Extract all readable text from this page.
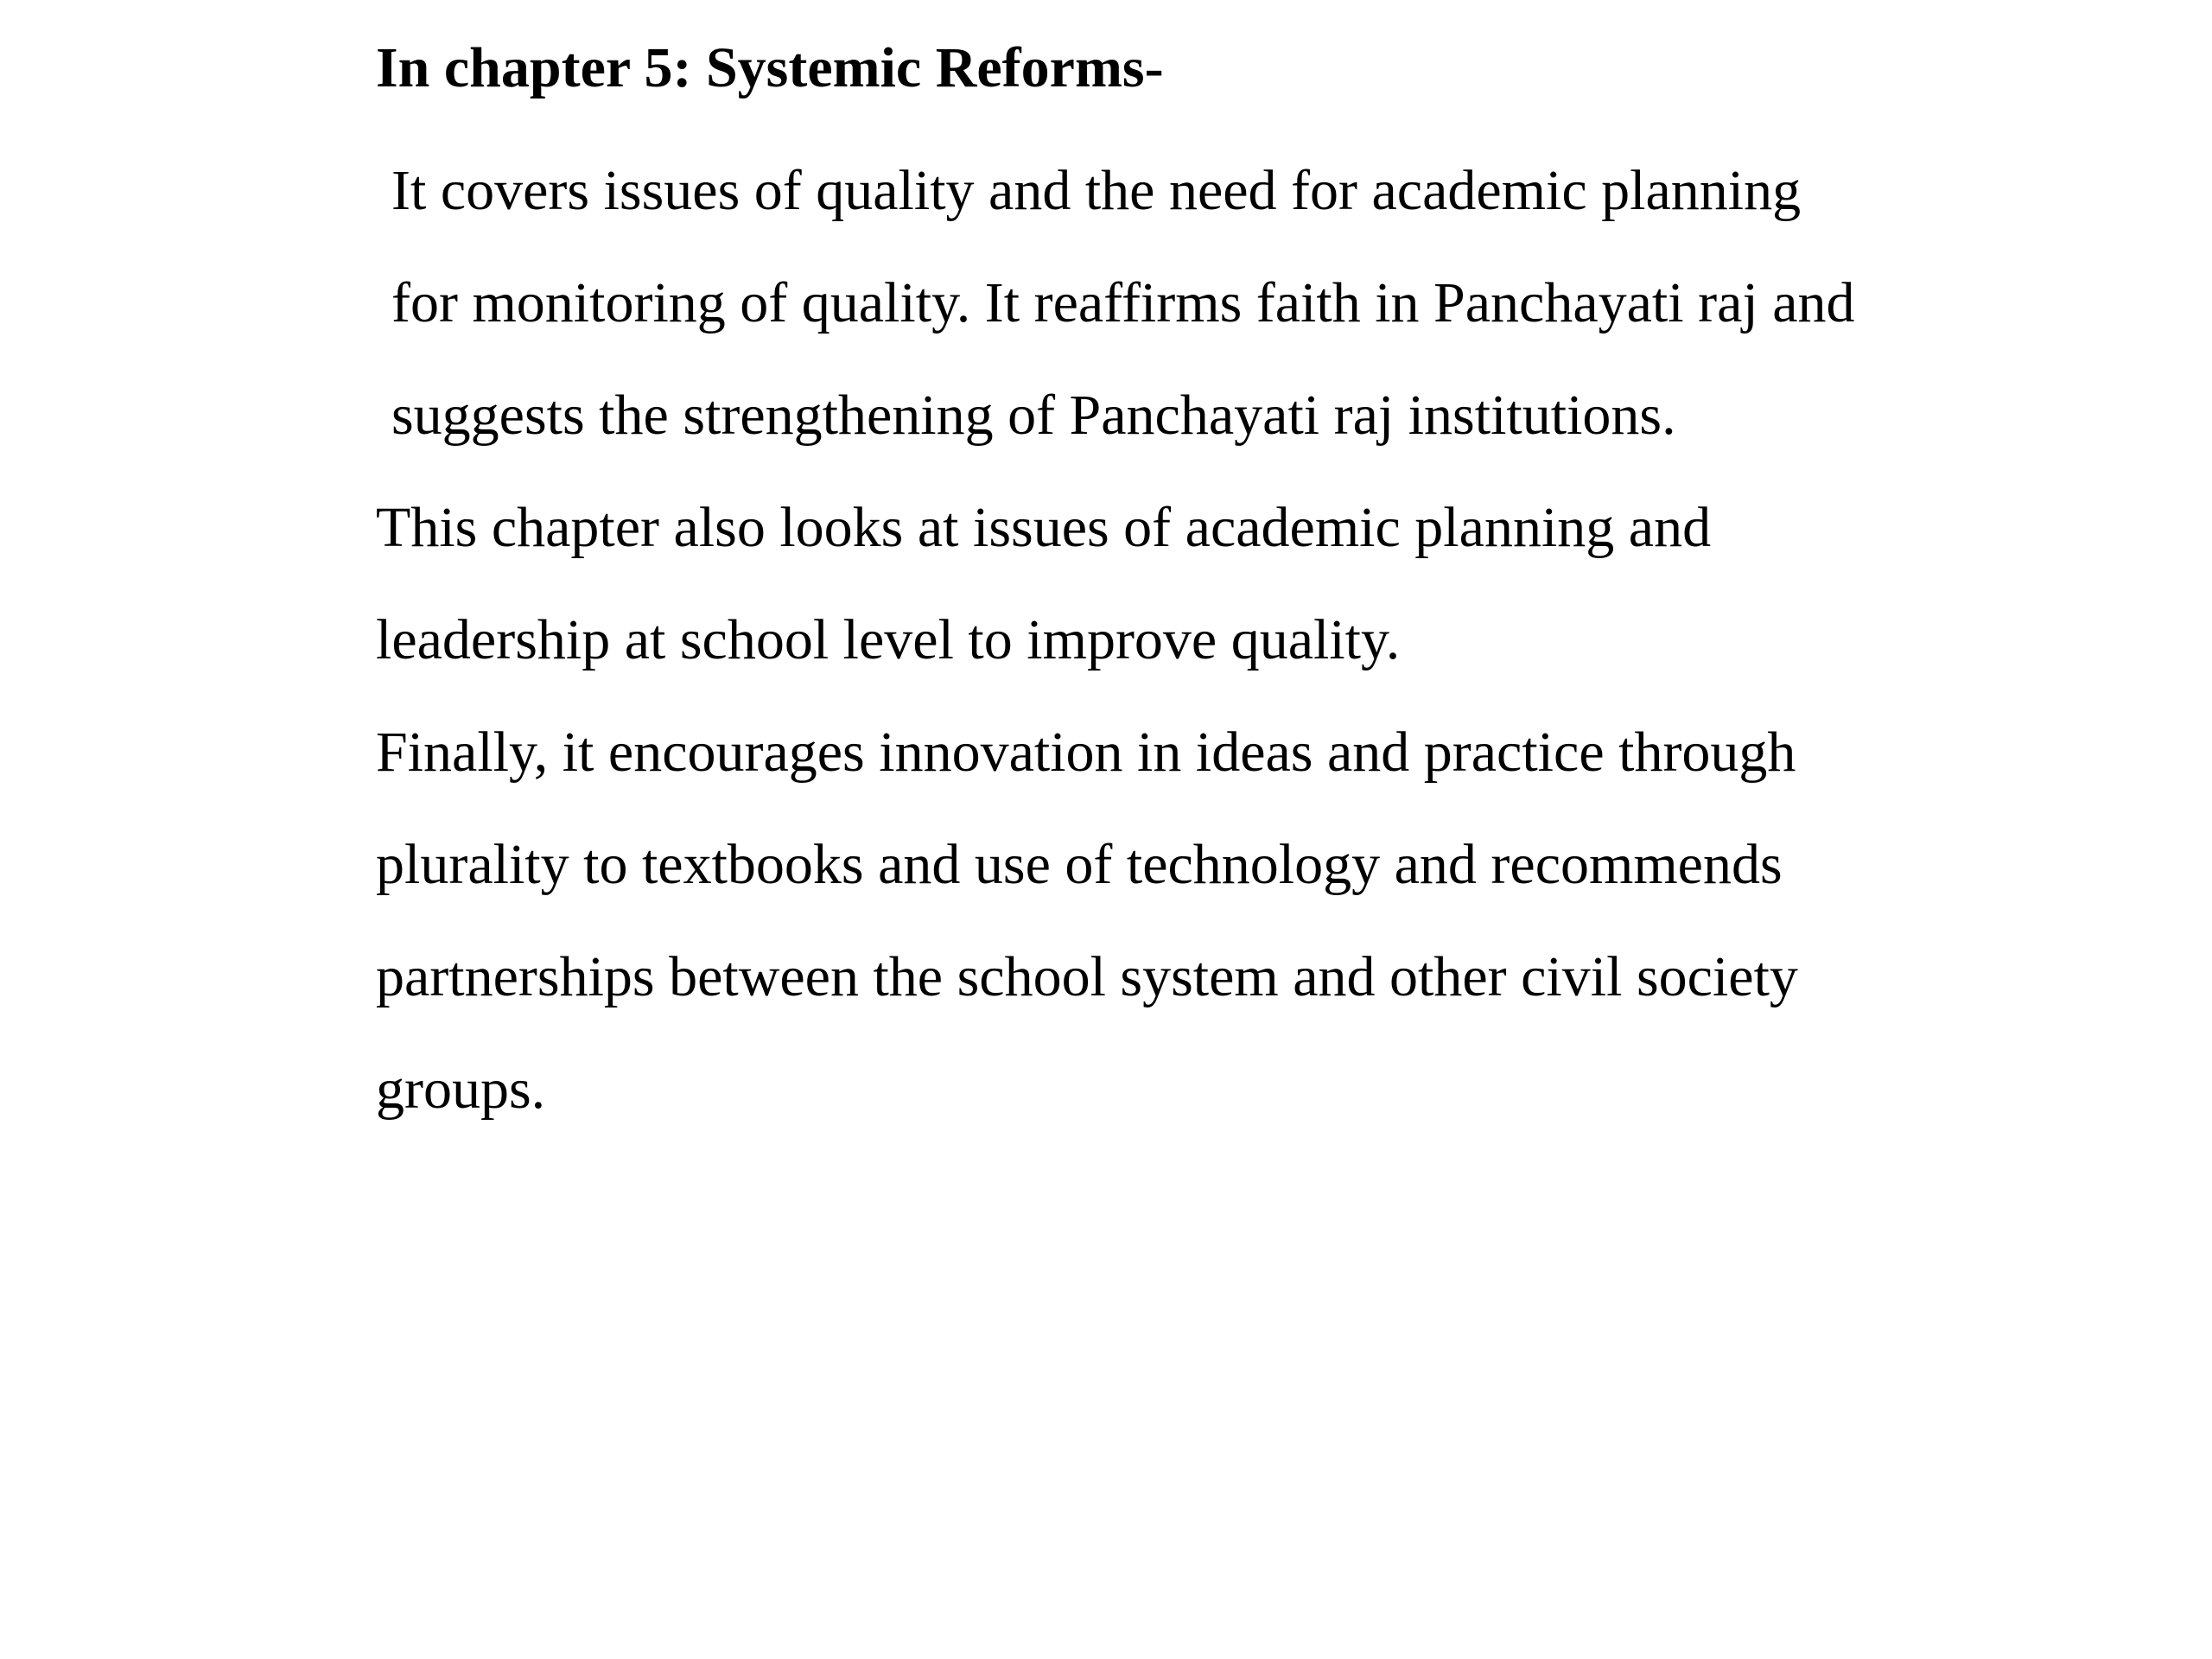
In chapter 5: Systemic Reforms-

It covers issues of quality and the need for academic planning
for monitoring of quality. It reaffirms faith in Panchayati raj and
suggests the strengthening of Panchayati raj institutions.

This chapter also looks at issues of academic planning and
leadership at school level to improve quality.

Finally, it encourages innovation in ideas and practice through
plurality to textbooks and use of technology and recommends
partnerships between the school system and other civil society
groups.
